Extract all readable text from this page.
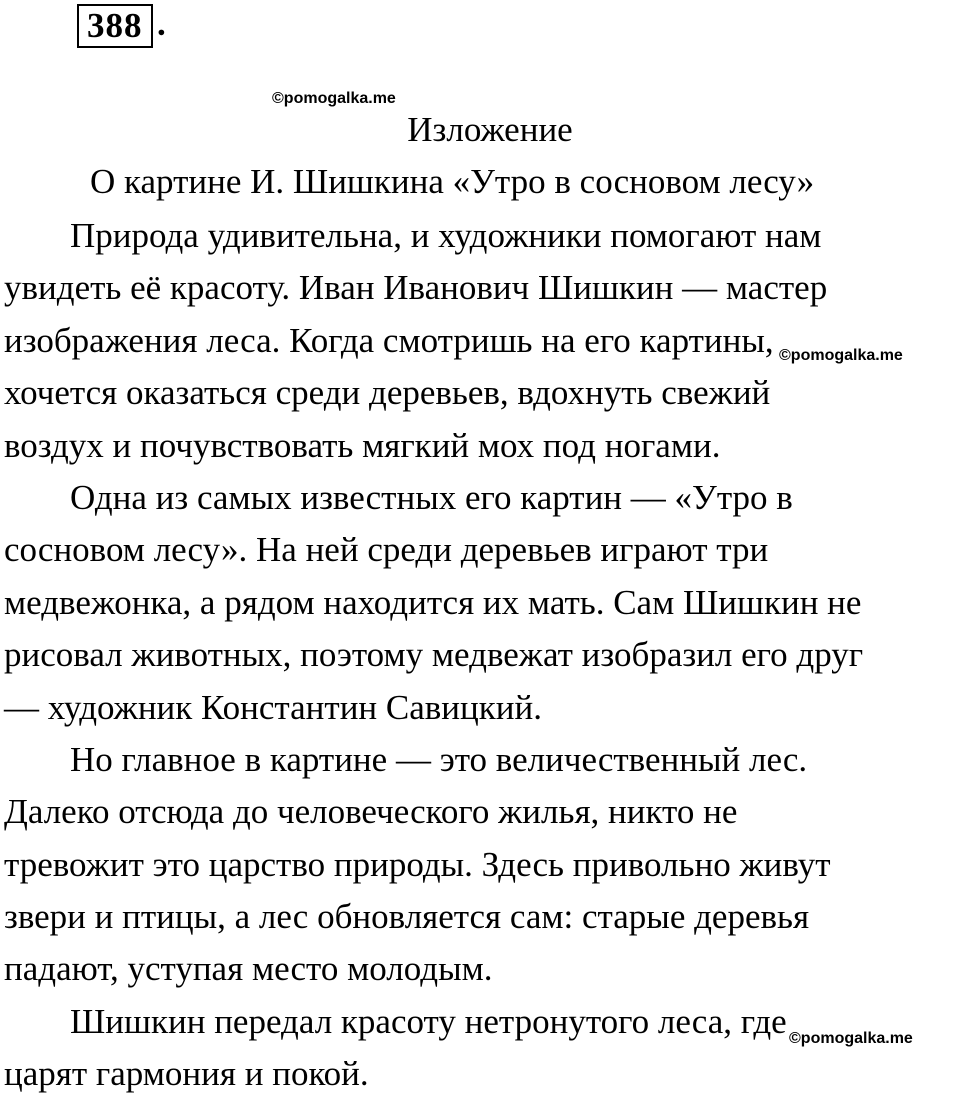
388 .
©pomogalka.me
Изложение
О картине И. Шишкина «Утро в сосновом лесу»
Природа удивительна, и художники помогают нам
увидеть её красоту. Иван Иванович Шишкин — мастер
изображения леса. Когда смотришь на его картины,
хочется оказаться среди деревьев, вдохнуть свежий
воздух и почувствовать мягкий мох под ногами.
Одна из самых известных его картин — «Утро в
сосновом лесу». На ней среди деревьев играют три
медвежонка, а рядом находится их мать. Сам Шишкин не
рисовал животных, поэтому медвежат изобразил его друг
— художник Константин Савицкий.
Но главное в картине — это величественный лес.
Далеко отсюда до человеческого жилья, никто не
тревожит это царство природы. Здесь привольно живут
звери и птицы, а лес обновляется сам: старые деревья
падают, уступая место молодым.
Шишкин передал красоту нетронутого леса, где
царят гармония и покой.
©pomogalka.me
©pomogalka.me
